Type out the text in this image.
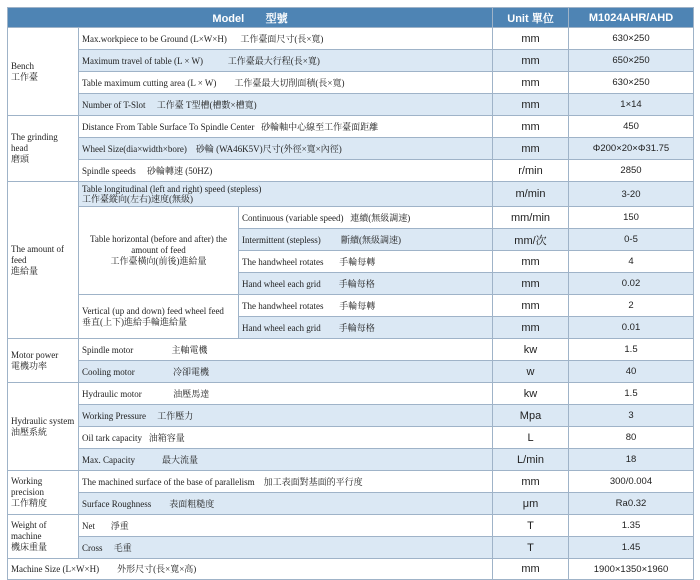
Model       型號			Unit 單位	M1024AHR/AHD
Bench
工作臺	Max.workpiece to be Ground (L×W×H)      工作臺面尺寸(長×寬)		mm	630×250
	Maximum travel of table (L × W)           工作臺最大行程(長×寬)		mm	650×250
	Table maximum cutting area (L × W)        工作臺最大切削面積(長×寬)		mm	630×250
	Number of T-Slot     工作臺 T型槽(槽數×槽寬)		mm	1×14
The grinding head
磨頭	Distance From Table Surface To Spindle Center   砂輪軸中心線至工作臺面距離		mm	450
	Wheel Size(dia×width×bore)    砂輪 (WA46K5V)尺寸(外徑×寬×內徑)		mm	Φ200×20×Φ31.75
	Spindle speeds     砂輪轉速 (50HZ)		r/min	2850
The amount of feed
進給量	Table longitudinal (left and right) speed (stepless)
工作臺縱向(左右)速度(無級)		m/min	3-20
	Table horizontal (before and after) the amount of feed
工作臺橫向(前後)進給量	Continuous (variable speed)   連續(無級調速)	mm/min	150
		Intermittent (stepless)         斷續(無級調速)	mm/次	0-5
		The handwheel rotates       手輪每轉	mm	4
		Hand wheel each grid        手輪每格	mm	0.02
	Vertical (up and down) feed wheel feed
垂直(上下)進給手輪進給量	The handwheel rotates       手輪每轉	mm	2
		Hand wheel each grid        手輪每格	mm	0.01
Motor power
電機功率	Spindle motor                 主軸電機		kw	1.5
	Cooling motor                 冷卻電機		w	40
Hydraulic system
油壓系統	Hydraulic motor              油壓馬達		kw	1.5
	Working Pressure     工作壓力		Mpa	3
	Oil tark capacity   油箱容量		L	80
	Max. Capacity            最大流量		L/min	18
Working precision
工作精度	The machined surface of the base of parallelism    加工表面對基面的平行度		mm	300/0.004
	Surface Roughness        表面粗糙度		μm	Ra0.32
Weight of machine
機床重量	Net       淨重		T	1.35
	Cross     毛重		T	1.45
Machine Size (L×W×H)        外形尺寸(長×寬×高)			mm	1900×1350×1960
